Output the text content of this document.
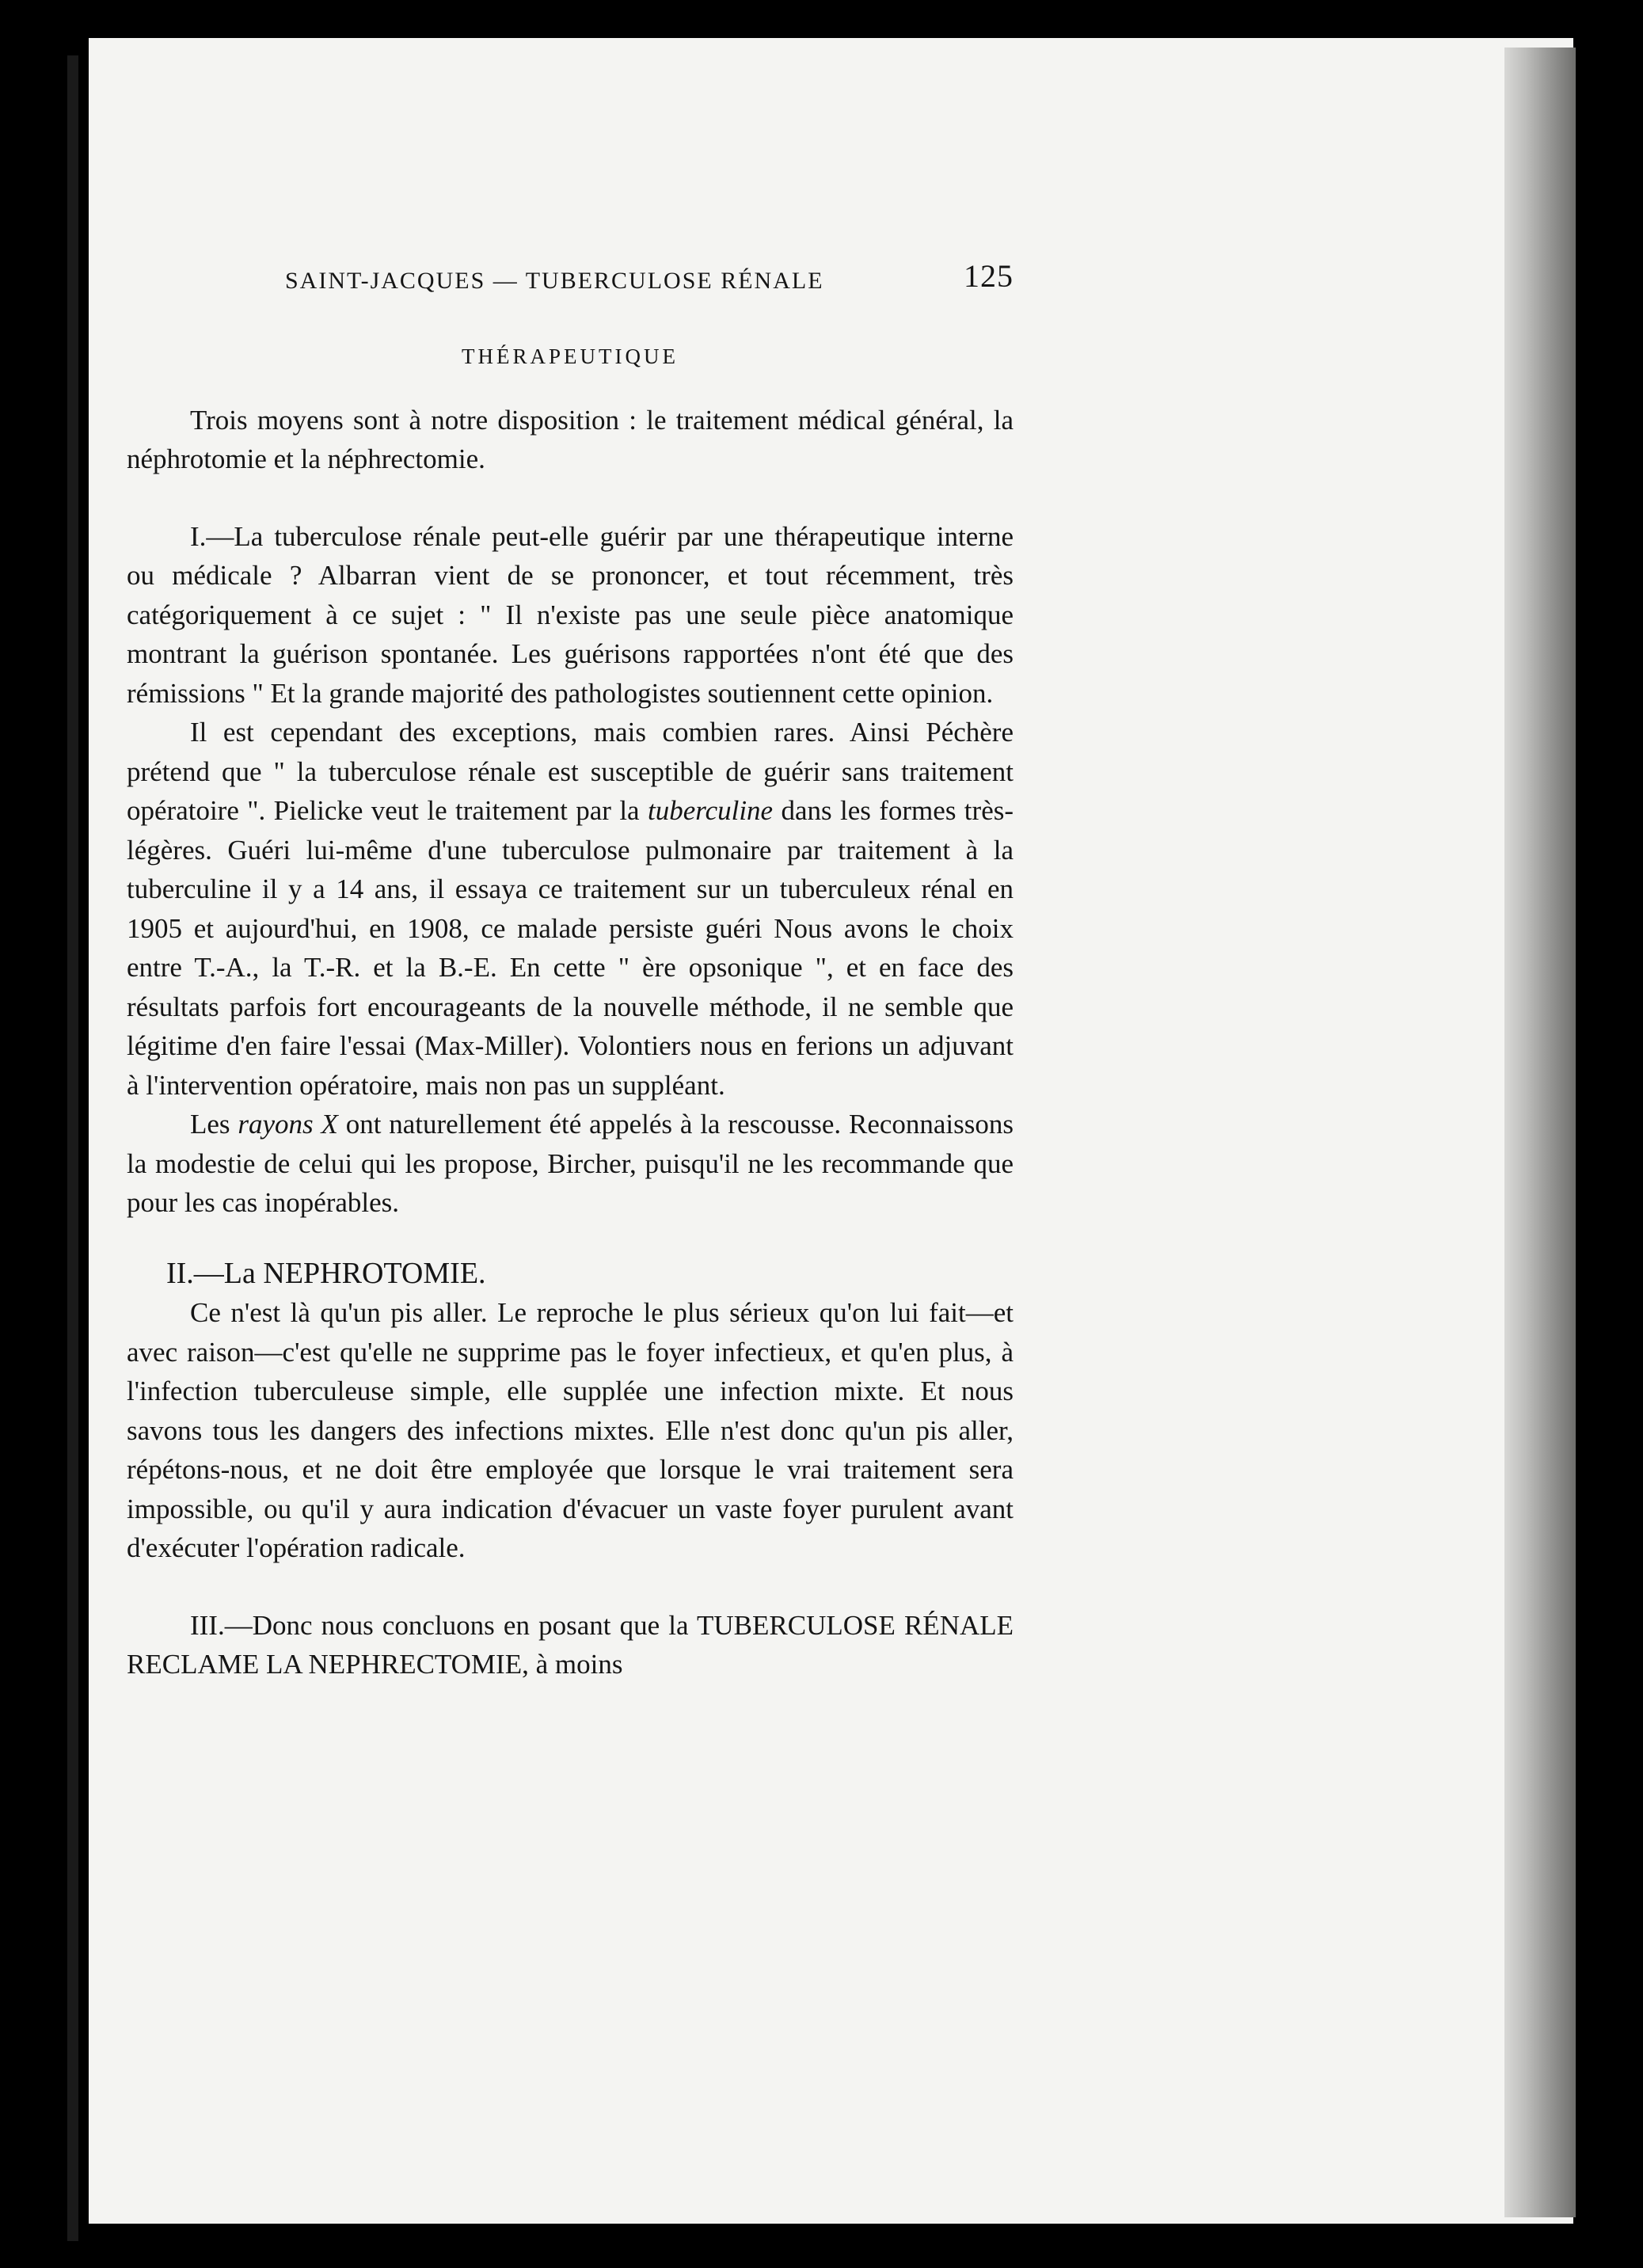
SAINT-JACQUES — TUBERCULOSE RÉNALE	125
THÉRAPEUTIQUE

Trois moyens sont à notre disposition : le traitement médical général, la néphrotomie et la néphrectomie.

I.—La tuberculose rénale peut-elle guérir par une thérapeutique interne ou médicale ? Albarran vient de se prononcer, et tout récemment, très catégoriquement à ce sujet : " Il n'existe pas une seule pièce anatomique montrant la guérison spontanée. Les guérisons rapportées n'ont été que des rémissions " Et la grande majorité des pathologistes soutiennent cette opinion.

Il est cependant des exceptions, mais combien rares. Ainsi Péchère prétend que " la tuberculose rénale est susceptible de guérir sans traitement opératoire ". Pielicke veut le traitement par la tuberculine dans les formes très-légères. Guéri lui-même d'une tuberculose pulmonaire par traitement à la tuberculine il y a 14 ans, il essaya ce traitement sur un tuberculeux rénal en 1905 et aujourd'hui, en 1908, ce malade persiste guéri Nous avons le choix entre T.-A., la T.-R. et la B.-E. En cette " ère opsonique ", et en face des résultats parfois fort encourageants de la nouvelle méthode, il ne semble que légitime d'en faire l'essai (Max-Miller). Volontiers nous en ferions un adjuvant à l'intervention opératoire, mais non pas un suppléant.

Les rayons X ont naturellement été appelés à la rescousse. Reconnaissons la modestie de celui qui les propose, Bircher, puisqu'il ne les recommande que pour les cas inopérables.

II.—La NEPHROTOMIE.

Ce n'est là qu'un pis aller. Le reproche le plus sérieux qu'on lui fait—et avec raison—c'est qu'elle ne supprime pas le foyer infectieux, et qu'en plus, à l'infection tuberculeuse simple, elle supplée une infection mixte. Et nous savons tous les dangers des infections mixtes. Elle n'est donc qu'un pis aller, répétons-nous, et ne doit être employée que lorsque le vrai traitement sera impossible, ou qu'il y aura indication d'évacuer un vaste foyer purulent avant d'exécuter l'opération radicale.

III.—Donc nous concluons en posant que la TUBERCULOSE RÉNALE RECLAME LA NEPHRECTOMIE, à moins
